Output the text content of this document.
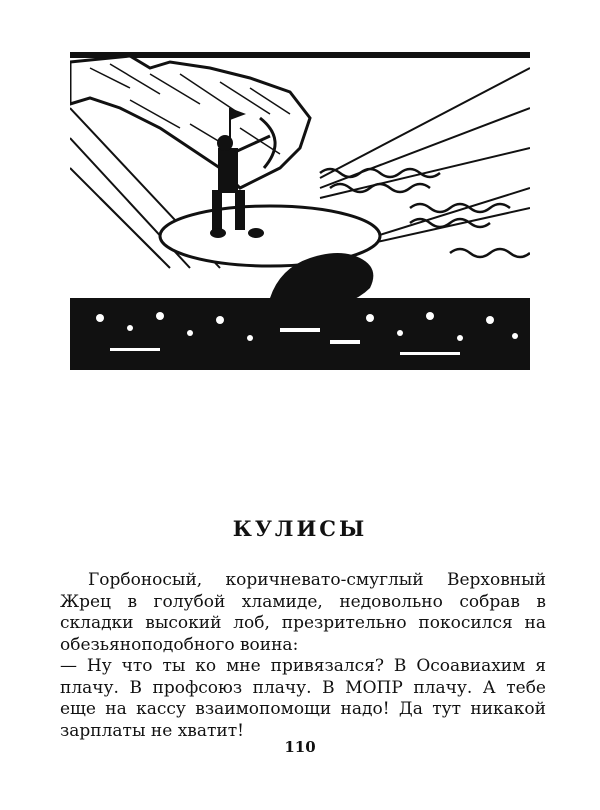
КУЛИСЫ

Горбоносый, коричневато-смуглый Верховный Жрец в голубой хламиде, недовольно собрав в складки высокий лоб, презрительно покосился на обезьяноподобного воина:

— Ну что ты ко мне привязался? В Осоавиахим я плачу. В профсоюз плачу. В МОПР плачу. А тебе еще на кассу взаимопомощи надо! Да тут никакой зарплаты не хватит!

110
